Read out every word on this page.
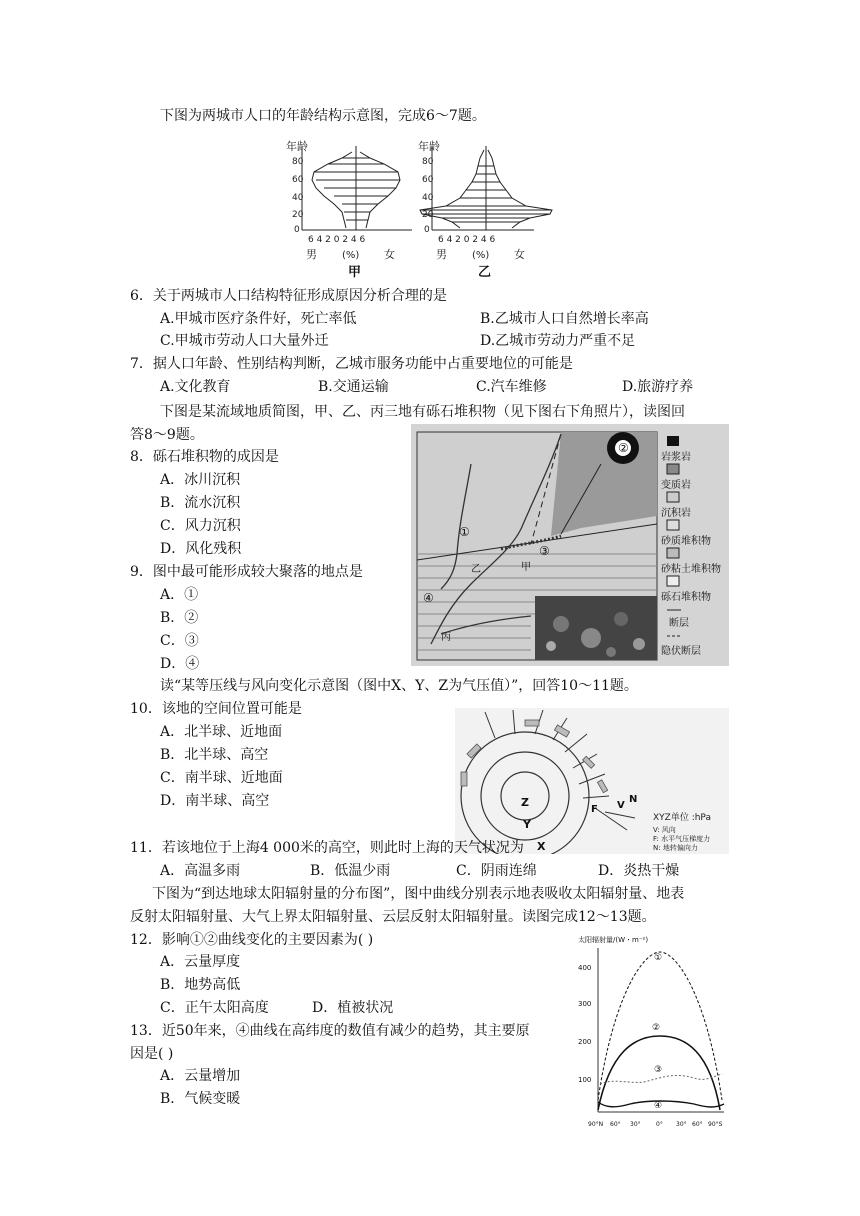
下图为两城市人口的年龄结构示意图，完成6～7题。
年龄
80
60
40
20
0
6 4 2 0 2 4 6
男	(%) 女
甲
年龄
80
60
40
20
0
6 4 2 0 2 4 6
男	(%) 女
乙
6．关于两城市人口结构特征形成原因分析合理的是
A.甲城市医疗条件好，死亡率低	B.乙城市人口自然增长率高
C.甲城市劳动人口大量外迁	D.乙城市劳动力严重不足
7．据人口年龄、性别结构判断，乙城市服务功能中占重要地位的可能是
A.文化教育	B.交通运输	C.汽车维修	D.旅游疗养
下图是某流域地质简图，甲、乙、丙三地有砾石堆积物（见下图右下角照片），读图回
答8～9题。
8．砾石堆积物的成因是
A．冰川沉积
B．流水沉积
C．风力沉积
D．风化残积
9．图中最可能形成较大聚落的地点是
A．①
B．②
C．③
D．④
②
①
③
④
甲
乙
丙
岩浆岩
变质岩
沉积岩
砂质堆积物
砂粘土堆积物
砾石堆积物
断层
隐伏断层
读“某等压线与风向变化示意图（图中X、Y、Z为气压值）”，回答10～11题。
10．该地的空间位置可能是
A．北半球、近地面
B．北半球、高空
C．南半球、近地面
D．南半球、高空	Z
Y
X
F V
N
XYZ单位 :hPa
V: 风向
F: 水平气压梯度力
N: 地转偏向力
11．若该地位于上海4 000米的高空，则此时上海的天气状况为
A．高温多雨	B．低温少雨	C．阴雨连绵	D．炎热干燥
下图为“到达地球太阳辐射量的分布图”，图中曲线分别表示地表吸收太阳辐射量、地表
反射太阳辐射量、大气上界太阳辐射量、云层反射太阳辐射量。读图完成12～13题。
12．影响①②曲线变化的主要因素为( )
A．云量厚度
B．地势高低
C．正午太阳高度	D．植被状况
13．近50年来，④曲线在高纬度的数值有减少的趋势，其主要原
因是( )
A．云量增加
B．气候变暖
太阳辐射量/(W・m⁻²)
400
300
200
100
①
②
③
④
90°N 60° 30°	0° 30° 60° 90°S
